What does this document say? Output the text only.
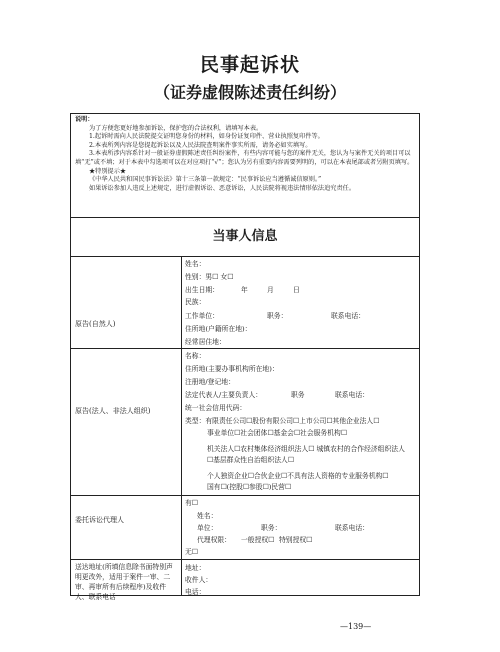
民事起诉状
（证券虚假陈述责任纠纷）

说明：

为了方便您更好地参加诉讼，保护您的合法权利，请填写本表。

1.起诉时需向人民法院提交证明您身份的材料，如身份证复印件、营业执照复印件等。

2.本表所列内容是您提起诉讼以及人民法院查明案件事实所需，请务必如实填写。

3.本表所涉内容系针对一般证券虚假陈述责任纠纷案件，有些内容可能与您的案件无关，您认为与案件无关的项目可以填“无”或不填；对于本表中勾选项可以在对应项打“√”；您认为另有重要内容需要列明的，可以在本表尾部或者另附页填写。

★特别提示★

《中华人民共和国民事诉讼法》第十三条第一款规定：“民事诉讼应当遵循诚信原则。”

如果诉讼参加人违反上述规定，进行虚假诉讼、恶意诉讼，人民法院将视违法情形依法追究责任。

当事人信息
原告(自然人)
姓名：
性别：男☐ 女☐
出生日期：	年	月	日
民族：
工作单位：	职务：	联系电话：
住所地(户籍所在地)：
经常居住地：
原告(法人、非法人组织)
名称：
住所地(主要办事机构所在地)：
注册地/登记地：
法定代表人/主要负责人：	职务	联系电话：
统一社会信用代码：
类型：有限责任公司☐股份有限公司☐上市公司☐其他企业法人☐
事业单位☐社会团体☐基金会☐社会服务机构☐
机关法人☐农村集体经济组织法人☐ 城镇农村的合作经济组织法人
☐基层群众性自治组织法人☐
个人独资企业☐合伙企业☐不具有法人资格的专业服务机构☐
国有☐(控股☐参股☐)民营☐
委托诉讼代理人
有☐
姓名：
单位：	职务：	联系电话：
代理权限： 一般授权☐ 特别授权☐
无☐
送达地址(所填信息除书面特别声明更改外，适用于案件一审、二审、再审所有后续程序)及收件人、联系电话
地址：
收件人：
电话：
—139—
